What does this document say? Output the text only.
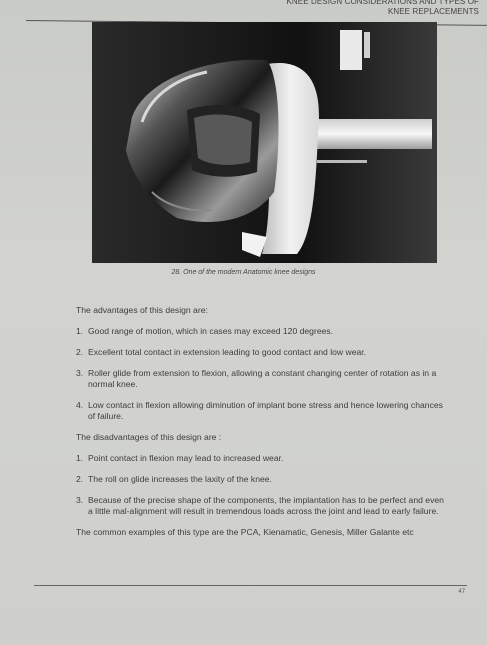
KNEE DESIGN CONSIDERATIONS AND TYPES OF
KNEE REPLACEMENTS
28. One of the modern Anatomic knee designs

The advantages of this design are:

1. Good range of motion, which in cases may exceed 120 degrees.
2. Excellent total contact in extension leading to good contact and low wear.
3. Roller glide from extension to flexion, allowing a constant changing center of rotation as in a normal knee.
4. Low contact in flexion allowing diminution of implant bone stress and hence lowering chances of failure.

The disadvantages of this design are :

1. Point contact in flexion may lead to increased wear.
2. The roll on glide increases the laxity of the knee.
3. Because of the precise shape of the components, the implantation has to be perfect and even a little mal-alignment will result in tremendous loads across the joint and lead to early failure.

The common examples of this type are the PCA, Kienamatic, Genesis, Miller Galante etc

47
